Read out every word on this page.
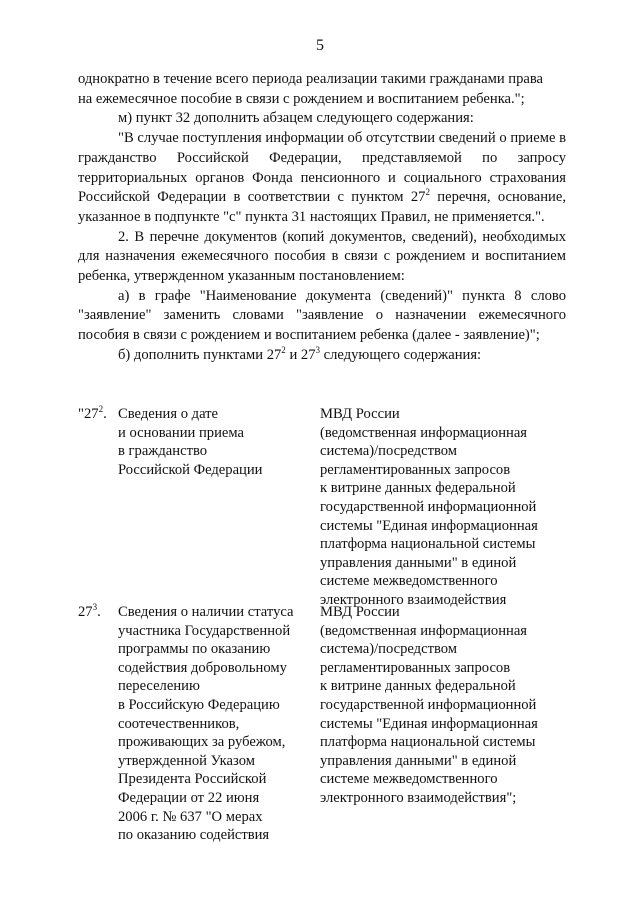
5

однократно в течение всего периода реализации такими гражданами права

на ежемесячное пособие в связи с рождением и воспитанием ребенка.";

м) пункт 32 дополнить абзацем следующего содержания:

"В случае поступления информации об отсутствии сведений о приеме в гражданство Российской Федерации, представляемой по запросу территориальных органов Фонда пенсионного и социального страхования Российской Федерации в соответствии с пунктом $27^2$ перечня, основание, указанное в подпункте "с" пункта 31 настоящих Правил, не применяется.".

2. В перечне документов (копий документов, сведений), необходимых для назначения ежемесячного пособия в связи с рождением и воспитанием ребенка, утвержденном указанным постановлением:

а) в графе "Наименование документа (сведений)" пункта 8 слово "заявление" заменить словами "заявление о назначении ежемесячного пособия в связи с рождением и воспитанием ребенка (далее - заявление)";

б) дополнить пунктами $27^2$ и $27^3$ следующего содержания:

"$27^2$. Сведения о дате
и основании приема
в гражданство
Российской Федерации
МВД России
(ведомственная информационная
система)/посредством
регламентированных запросов
к витрине данных федеральной
государственной информационной
системы "Единая информационная
платформа национальной системы
управления данными" в единой
системе межведомственного
электронного взаимодействия
$27^3$. Сведения о наличии статуса
участника Государственной
программы по оказанию
содействия добровольному
переселению
в Российскую Федерацию
соотечественников,
проживающих за рубежом,
утвержденной Указом
Президента Российской
Федерации от 22 июня
2006 г. № 637 "О мерах
по оказанию содействия
МВД России
(ведомственная информационная
система)/посредством
регламентированных запросов
к витрине данных федеральной
государственной информационной
системы "Единая информационная
платформа национальной системы
управления данными" в единой
системе межведомственного
электронного взаимодействия";
